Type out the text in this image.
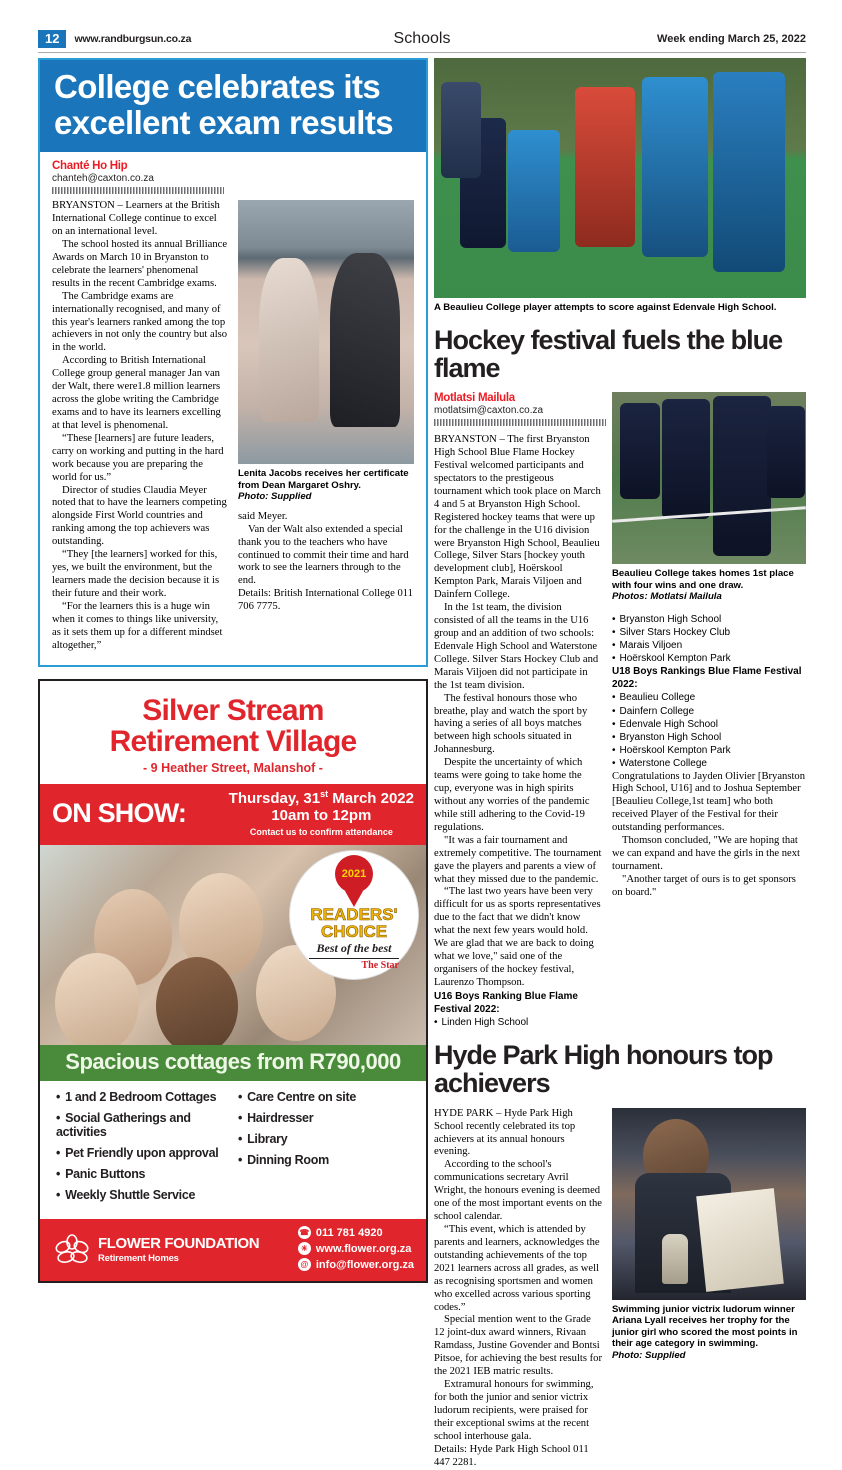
12	www.randburgsun.co.za	Schools	Week ending March 25, 2022
College celebrates its excellent exam results
Chanté Ho Hip
chanteh@caxton.co.za

BRYANSTON – Learners at the British International College continue to excel on an international level.

The school hosted its annual Brilliance Awards on March 10 in Bryanston to celebrate the learners' phenomenal results in the recent Cambridge exams.

The Cambridge exams are internationally recognised, and many of this year's learners ranked among the top achievers in not only the country but also in the world.

According to British International College group general manager Jan van der Walt, there were1.8 million learners across the globe writing the Cambridge exams and to have its learners excelling at that level is phenomenal.

“These [learners] are future leaders, carry on working and putting in the hard work because you are preparing the world for us.”

Director of studies Claudia Meyer noted that to have the learners competing alongside First World countries and ranking among the top achievers was outstanding.

“They [the learners] worked for this, yes, we built the environment, but the learners made the decision because it is their future and their work.

“For the learners this is a huge win when it comes to things like university, as it sets them up for a different mindset altogether,”

Lenita Jacobs receives her certificate from Dean Margaret Oshry.
Photo: Supplied

said Meyer.

Van der Walt also extended a special thank you to the teachers who have continued to commit their time and hard work to see the learners through to the end.

Details: British International College 011 706 7775.

Silver Stream
Retirement Village
- 9 Heather Street, Malanshof -
ON SHOW:	Thursday, 31st March 2022
10am to 12pm
Contact us to confirm attendance
2021
READERS'
CHOICE
Best of the best
The Star
Spacious cottages from R790,000
• 1 and 2 Bedroom Cottages
• Social Gatherings and activities
• Pet Friendly upon approval
• Panic Buttons
• Weekly Shuttle Service
• Care Centre on site
• Hairdresser
• Library
• Dinning Room
FLOWER FOUNDATION
Retirement Homes
☎ 011 781 4920
☀ www.flower.org.za
@ info@flower.org.za
A Beaulieu College player attempts to score against Edenvale High School.
Hockey festival fuels the blue flame
Motlatsi Mailula
motlatsim@caxton.co.za

BRYANSTON – The first Bryanston High School Blue Flame Hockey Festival welcomed participants and spectators to the prestigeous tournament which took place on March 4 and 5 at Bryanston High School. Registered hockey teams that were up for the challenge in the U16 division were Bryanston High School, Beaulieu College, Silver Stars [hockey youth development club], Hoërskool Kempton Park, Marais Viljoen and Dainfern College.

In the 1st team, the division consisted of all the teams in the U16 group and an addition of two schools: Edenvale High School and Waterstone College. Silver Stars Hockey Club and Marais Viljoen did not participate in the 1st team division.

The festival honours those who breathe, play and watch the sport by having a series of all boys matches between high schools situated in Johannesburg.

Despite the uncertainty of which teams were going to take home the cup, everyone was in high spirits without any worries of the pandemic while still adhering to the Covid-19 regulations.

"It was a fair tournament and extremely competitive. The tournament gave the players and parents a view of what they missed due to the pandemic.

“The last two years have been very difficult for us as sports representatives due to the fact that we didn't know what the next few years would hold. We are glad that we are back to doing what we love," said one of the organisers of the hockey festival, Laurenzo Thompson.

U16 Boys Ranking Blue Flame Festival 2022:
• Linden High School
Beaulieu College takes homes 1st place with four wins and one draw.
Photos: Motlatsi Mailula
• Bryanston High School
• Silver Stars Hockey Club
• Marais Viljoen
• Hoërskool Kempton Park
U18 Boys Rankings Blue Flame Festival 2022:
• Beaulieu College
• Dainfern College
• Edenvale High School
• Bryanston High School
• Hoërskool Kempton Park
• Waterstone College

Congratulations to Jayden Olivier [Bryanston High School, U16] and to Joshua September [Beaulieu College,1st team] who both received Player of the Festival for their outstanding performances.

Thomson concluded, "We are hoping that we can expand and have the girls in the next tournament.

"Another target of ours is to get sponsors on board."

Hyde Park High honours top achievers

HYDE PARK – Hyde Park High School recently celebrated its top achievers at its annual honours evening.

According to the school's communications secretary Avril Wright, the honours evening is deemed one of the most important events on the school calendar.

“This event, which is attended by parents and learners, acknowledges the outstanding achievements of the top 2021 learners across all grades, as well as recognising sportsmen and women who excelled across various sporting codes.”

Special mention went to the Grade 12 joint-dux award winners, Rivaan Ramdass, Justine Govender and Bontsi Pitsoe, for achieving the best results for the 2021 IEB matric results.

Extramural honours for swimming, for both the junior and senior victrix ludorum recipients, were praised for their exceptional swims at the recent school interhouse gala.

Details: Hyde Park High School 011 447 2281.

Swimming junior victrix ludorum winner Ariana Lyall receives her trophy for the junior girl who scored the most points in their age category in swimming.
Photo: Supplied
